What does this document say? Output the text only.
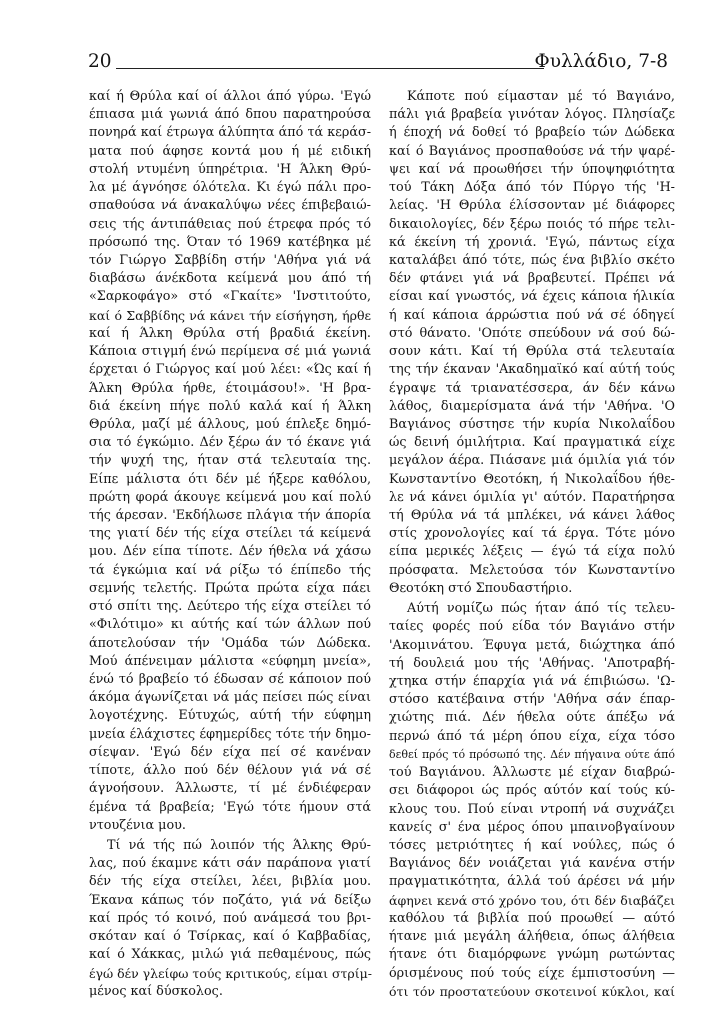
20	Φυλλάδιο, 7-8
καί ή Θρύλα καί οί άλλοι άπό γύρω. 'Εγώ
έπιασα μιά γωνιά άπό δπου παρατηρούσα
πονηρά καί έτρωγα άλύπητα άπό τά κεράσ-
ματα πού άφησε κοντά μου ή μέ ειδική
στολή ντυμένη ύπηρέτρια. 'Η Άλκη Θρύ-
λα μέ άγνόησε όλότελα. Κι έγώ πάλι προ-
σπαθούσα νά άνακαλύψω νέες έπιβεβαιώ-
σεις τής άντιπάθειας πού έτρεφα πρός τό
πρόσωπό της. Όταν τό 1969 κατέβηκα μέ
τόν Γιώργο Σαββίδη στήν 'Αθήνα γιά νά
διαβάσω άνέκδοτα κείμενά μου άπό τή
«Σαρκοφάγο» στό «Γκαίτε» 'Ινστιτούτο,
καί ό Σαββίδης νά κάνει τήν είσήγηση, ήρθε
καί ή Άλκη Θρύλα στή βραδιά έκείνη.
Κάποια στιγμή ένώ περίμενα σέ μιά γωνιά
έρχεται ό Γιώργος καί μού λέει: «Ώς καί ή
Άλκη Θρύλα ήρθε, έτοιμάσου!». 'Η βρα-
διά έκείνη πήγε πολύ καλά καί ή Άλκη
Θρύλα, μαζί μέ άλλους, μού έπλεξε δημό-
σια τό έγκώμιο. Δέν ξέρω άν τό έκανε γιά
τήν ψυχή της, ήταν στά τελευταία της.
Είπε μάλιστα ότι δέν μέ ήξερε καθόλου,
πρώτη φορά άκουγε κείμενά μου καί πολύ
τής άρεσαν. 'Εκδήλωσε πλάγια τήν άπορία
της γιατί δέν τής είχα στείλει τά κείμενά
μου. Δέν είπα τίποτε. Δέν ήθελα νά χάσω
τά έγκώμια καί νά ρίξω τό έπίπεδο τής
σεμνής τελετής. Πρώτα πρώτα είχα πάει
στό σπίτι της. Δεύτερο τής είχα στείλει τό
«Φιλότιμο» κι αύτής καί τών άλλων πού
άποτελούσαν τήν 'Ομάδα τών Δώδεκα.
Μού άπένειμαν μάλιστα «εύφημη μνεία»,
ένώ τό βραβείο τό έδωσαν σέ κάποιον πού
άκόμα άγωνίζεται νά μάς πείσει πώς είναι
λογοτέχνης. Εύτυχώς, αύτή τήν εύφημη
μνεία έλάχιστες έφημερίδες τότε τήν δημο-
σίεψαν. 'Εγώ δέν είχα πεί σέ κανέναν
τίποτε, άλλο πού δέν θέλουν γιά νά σέ
άγνοήσουν. Άλλωστε, τί μέ ένδιέφεραν
έμένα τά βραβεία; 'Εγώ τότε ήμουν στά
ντουζένια μου.
Τί νά τής πώ λοιπόν τής Άλκης Θρύ-
λας, πού έκαμνε κάτι σάν παράπονα γιατί
δέν τής είχα στείλει, λέει, βιβλία μου.
Έκανα κάπως τόν ποζάτο, γιά νά δείξω
καί πρός τό κοινό, πού ανάμεσά του βρι-
σκόταν καί ό Τσίρκας, καί ό Καββαδίας,
καί ό Χάκκας, μιλώ γιά πεθαμένους, πώς
έγώ δέν γλείφω τούς κριτικούς, είμαι στρίμ-
μένος καί δύσκολος.
Κάποτε πού είμασταν μέ τό Βαγιάνο,
πάλι γιά βραβεία γινόταν λόγος. Πλησίαζε
ή έποχή νά δοθεί τό βραβείο τών Δώδεκα
καί ό Βαγιάνος προσπαθούσε νά τήν ψαρέ-
ψει καί νά προωθήσει τήν ύποψηφιότητα
τού Τάκη Δόξα άπό τόν Πύργο τής 'Η-
λείας. 'Η Θρύλα έλίσσονταν μέ διάφορες
δικαιολογίες, δέν ξέρω ποιός τό πήρε τελι-
κά έκείνη τή χρονιά. 'Εγώ, πάντως είχα
καταλάβει άπό τότε, πώς ένα βιβλίο σκέτο
δέν φτάνει γιά νά βραβευτεί. Πρέπει νά
είσαι καί γνωστός, νά έχεις κάποια ήλικία
ή καί κάποια άρρώστια πού νά σέ όδηγεί
στό θάνατο. 'Οπότε σπεύδουν νά σού δώ-
σουν κάτι. Καί τή Θρύλα στά τελευταία
της τήν έκαναν 'Ακαδημαϊκό καί αύτή τούς
έγραψε τά τριανατέσσερα, άν δέν κάνω
λάθος, διαμερίσματα άνά τήν 'Αθήνα. 'Ο
Βαγιάνος σύστησε τήν κυρία Νικολαΐδου
ώς δεινή όμιλήτρια. Καί πραγματικά είχε
μεγάλον άέρα. Πιάσανε μιά όμιλία γιά τόν
Κωνσταντίνο Θεοτόκη, ή Νικολαΐδου ήθε-
λε νά κάνει όμιλία γι' αύτόν. Παρατήρησα
τή Θρύλα νά τά μπλέκει, νά κάνει λάθος
στίς χρονολογίες καί τά έργα. Τότε μόνο
είπα μερικές λέξεις — έγώ τά είχα πολύ
πρόσφατα. Μελετούσα τόν Κωνσταντίνο
Θεοτόκη στό Σπουδαστήριο.
Αύτή νομίζω πώς ήταν άπό τίς τελευ-
ταίες φορές πού είδα τόν Βαγιάνο στήν
'Ακομινάτου. Έφυγα μετά, διώχτηκα άπό
τή δουλειά μου τής 'Αθήνας. 'Αποτραβή-
χτηκα στήν έπαρχία γιά νά έπιβιώσω. 'Ω-
στόσο κατέβαινα στήν 'Αθήνα σάν έπαρ-
χιώτης πιά. Δέν ήθελα ούτε άπέξω νά
περνώ άπό τά μέρη όπου είχα, είχα τόσο
δεθεί πρός τό πρόσωπό της. Δέν πήγαινα ούτε άπό
τού Βαγιάνου. Άλλωστε μέ είχαν διαβρώ-
σει διάφοροι ώς πρός αύτόν καί τούς κύ-
κλους του. Πού είναι ντροπή νά συχνάζει
κανείς σ' ένα μέρος όπου μπαινοβγαίνουν
τόσες μετριότητες ή καί νούλες, πώς ό
Βαγιάνος δέν νοιάζεται γιά κανένα στήν
πραγματικότητα, άλλά τού άρέσει νά μήν
άφηνει κενά στό χρόνο του, ότι δέν διαβάζει
καθόλου τά βιβλία πού προωθεί — αύτό
ήτανε μιά μεγάλη άλήθεια, όπως άλήθεια
ήτανε ότι διαμόρφωνε γνώμη ρωτώντας
όρισμένους πού τούς είχε έμπιστοσύνη —
ότι τόν προστατεύουν σκοτεινοί κύκλοι, καί
